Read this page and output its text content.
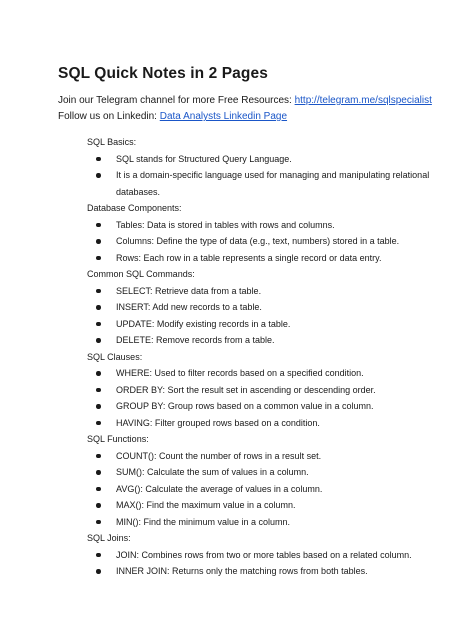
SQL Quick Notes in 2 Pages
Join our Telegram channel for more Free Resources: http://telegram.me/sqlspecialist
Follow us on Linkedin: Data Analysts Linkedin Page
SQL Basics:
SQL stands for Structured Query Language.
It is a domain-specific language used for managing and manipulating relational
databases.
Database Components:
Tables: Data is stored in tables with rows and columns.
Columns: Define the type of data (e.g., text, numbers) stored in a table.
Rows: Each row in a table represents a single record or data entry.
Common SQL Commands:
SELECT: Retrieve data from a table.
INSERT: Add new records to a table.
UPDATE: Modify existing records in a table.
DELETE: Remove records from a table.
SQL Clauses:
WHERE: Used to filter records based on a specified condition.
ORDER BY: Sort the result set in ascending or descending order.
GROUP BY: Group rows based on a common value in a column.
HAVING: Filter grouped rows based on a condition.
SQL Functions:
COUNT(): Count the number of rows in a result set.
SUM(): Calculate the sum of values in a column.
AVG(): Calculate the average of values in a column.
MAX(): Find the maximum value in a column.
MIN(): Find the minimum value in a column.
SQL Joins:
JOIN: Combines rows from two or more tables based on a related column.
INNER JOIN: Returns only the matching rows from both tables.
